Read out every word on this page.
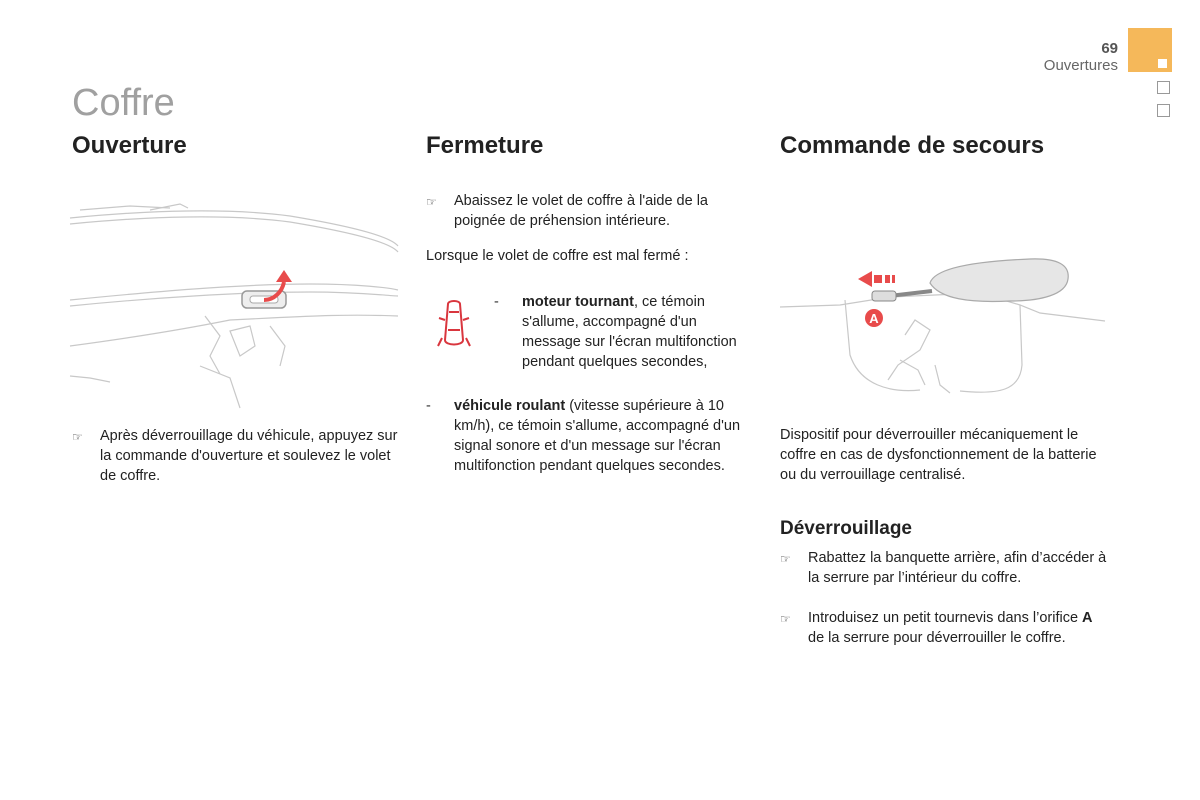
69
Ouvertures
Coffre
Ouverture
☞	Après déverrouillage du véhicule, appuyez sur la commande d'ouverture et soulevez le volet de coffre.
Fermeture
☞	Abaissez le volet de coffre à l'aide de la poignée de préhension intérieure.
Lorsque le volet de coffre est mal fermé :
-	moteur tournant, ce témoin s'allume, accompagné d'un message sur l'écran multifonction pendant quelques secondes,
-	véhicule roulant (vitesse supérieure à 10 km/h), ce témoin s'allume, accompagné d'un signal sonore et d'un message sur l'écran multifonction pendant quelques secondes.
Commande de secours
A
Dispositif pour déverrouiller mécaniquement le coffre en cas de dysfonctionnement de la batterie ou du verrouillage centralisé.
Déverrouillage
☞	Rabattez la banquette arrière, afin d’accéder à la serrure par l’intérieur du coffre.
☞	Introduisez un petit tournevis dans l’orifice A de la serrure pour déverrouiller le coffre.
